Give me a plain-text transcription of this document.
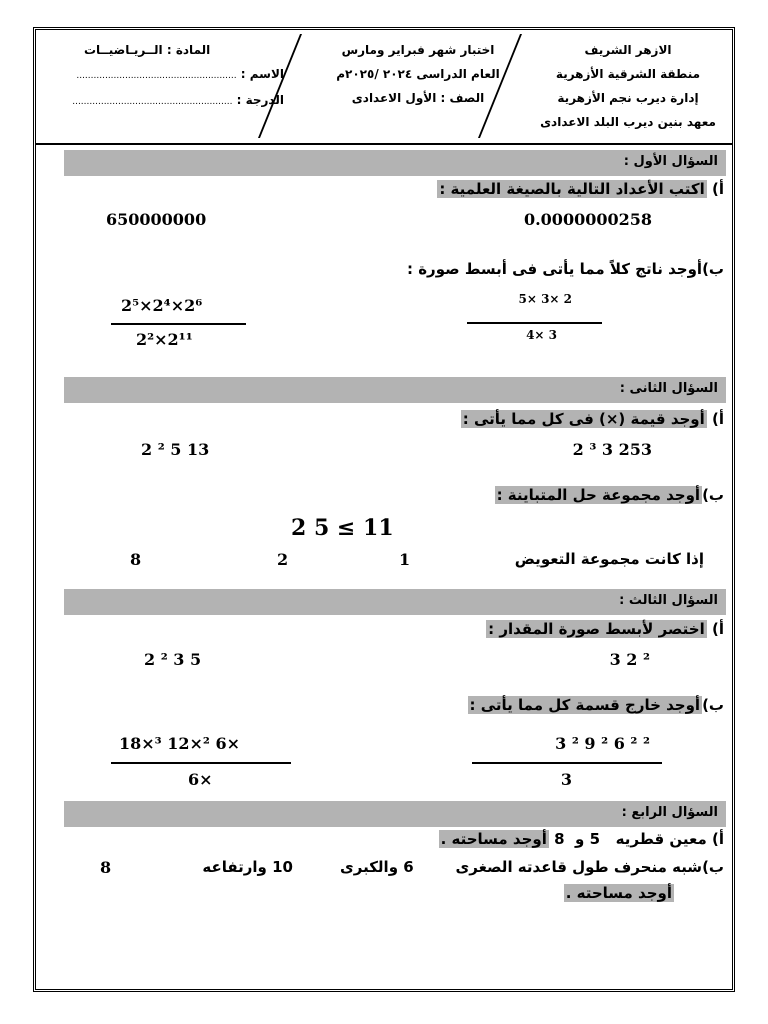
الازهر الشريف
منطقة الشرقية الأزهرية
إدارة ديرب نجم الأزهرية
معهد بنين ديرب البلد الاعدادى
اختبار شهر فبراير ومارس
العام الدراسى ٢٠٢٤ /٢٠٢٥م
الصف : الأول الاعدادى
المادة : الــريـاضيــات
الاسم : ........................................................
الدرجة : ........................................................
السؤال الأول :
أ) اكتب الأعداد التالية بالصيغة العلمية :
0.0000000258
650000000
ب)أوجد ناتج كلاً مما يأتى فى أبسط صورة :
5× 3× 2
4× 3
2⁵×2⁴×2⁶
2²×2¹¹
السؤال الثانى :
أ) أوجد قيمة (×) فى كل مما يأتى :
2 ³ 3 253
2 ² 5 13
ب)أوجد مجموعة حل المتباينة :
2 5 ≤ 11
إذا كانت مجموعة التعويض
1
2
8
السؤال الثالث :
أ) اختصر لأبسط صورة المقدار :
3 2 ²
2 ² 3 5
ب)أوجد خارج قسمة كل مما يأتى :
3 ² 9 ² 6 ² ²
3
18×³ 12×² 6×
6×
السؤال الرابع :
أ) معين قطريه   5 و  8 أوجد مساحته .
ب)شبه منحرف طول قاعدته الصغرى        6 والكبرى         10 وارتفاعه
8
أوجد مساحته .
